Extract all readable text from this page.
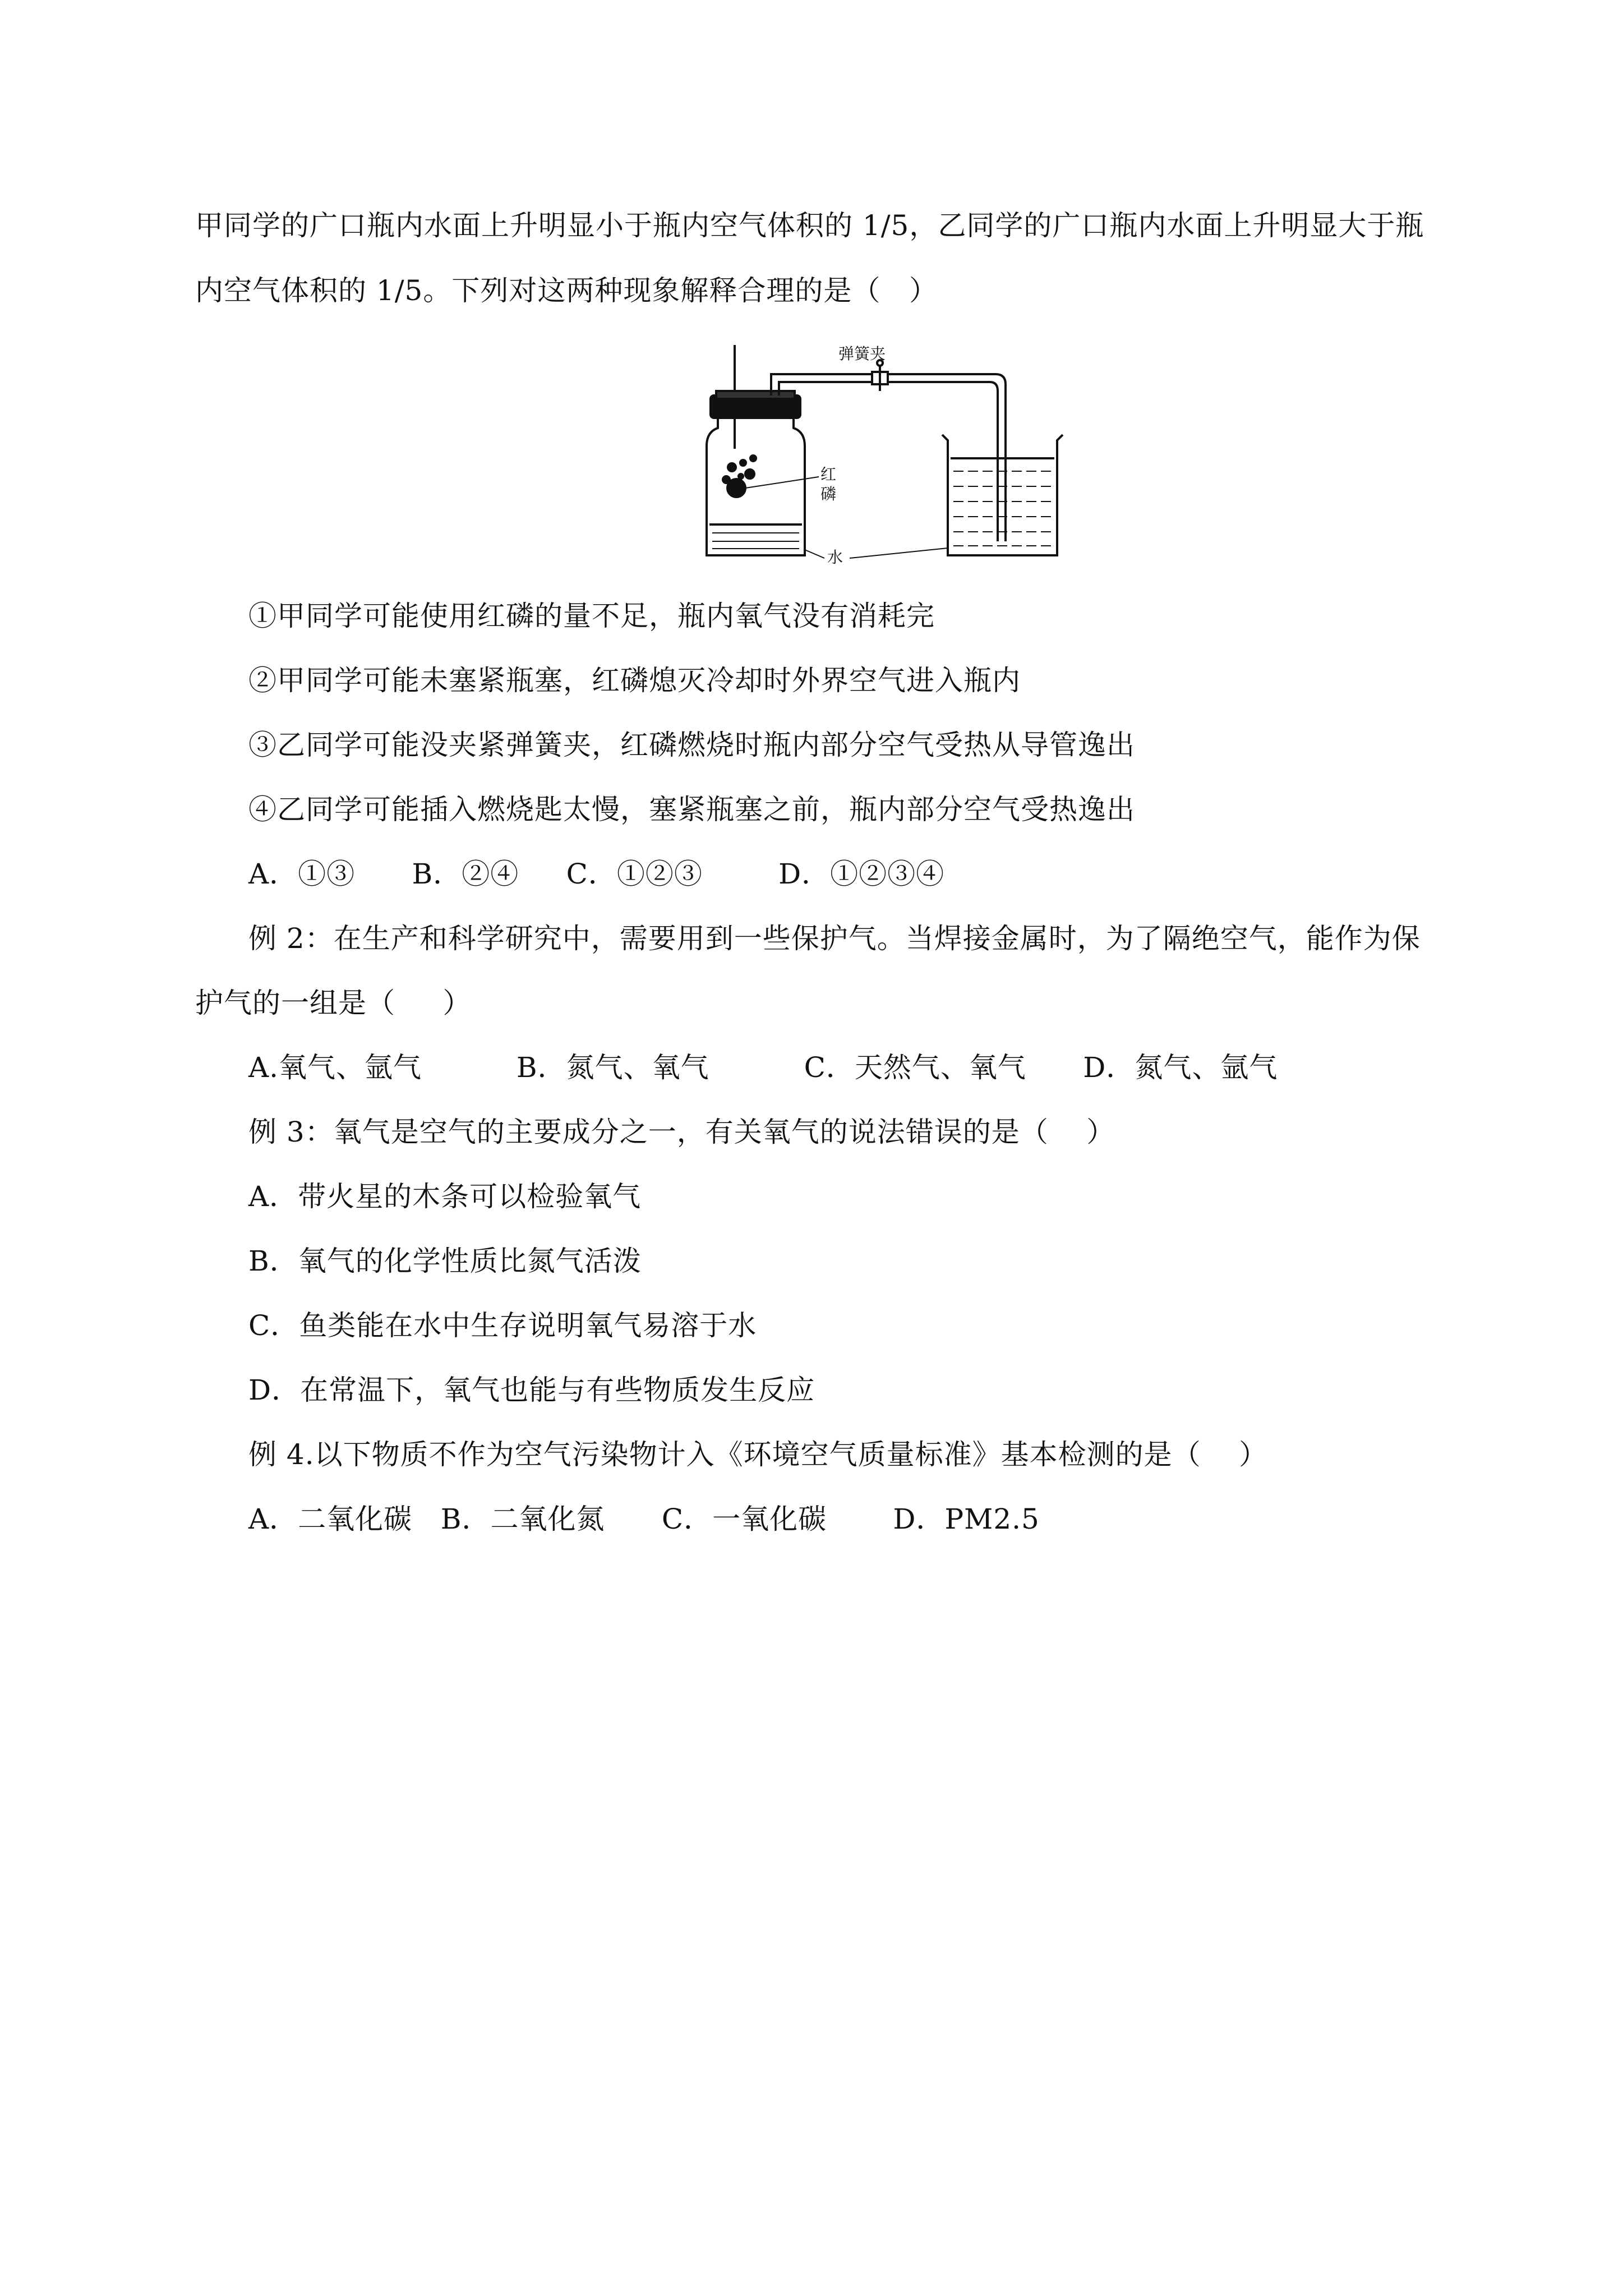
甲同学的广口瓶内水面上升明显小于瓶内空气体积的 1/5，乙同学的广口瓶内水面上升明显大于瓶
内空气体积的 1/5。下列对这两种现象解释合理的是（   ）
弹簧夹
红
磷
水
①甲同学可能使用红磷的量不足，瓶内氧气没有消耗完
②甲同学可能未塞紧瓶塞，红磷熄灭冷却时外界空气进入瓶内
③乙同学可能没夹紧弹簧夹，红磷燃烧时瓶内部分空气受热从导管逸出
④乙同学可能插入燃烧匙太慢，塞紧瓶塞之前，瓶内部分空气受热逸出
A．①③      B．②④     C．①②③        D．①②③④
例 2：在生产和科学研究中，需要用到一些保护气。当焊接金属时，为了隔绝空气，能作为保
护气的一组是（     ）
A.氧气、氩气          B．氮气、氧气          C．天然气、氧气      D．氮气、氩气
例 3：氧气是空气的主要成分之一，有关氧气的说法错误的是（    ）
A．带火星的木条可以检验氧气
B．氧气的化学性质比氮气活泼
C．鱼类能在水中生存说明氧气易溶于水
D．在常温下，氧气也能与有些物质发生反应
例 4.以下物质不作为空气污染物计入《环境空气质量标准》基本检测的是（    ）
A．二氧化碳   B．二氧化氮      C．一氧化碳       D．PM2.5
